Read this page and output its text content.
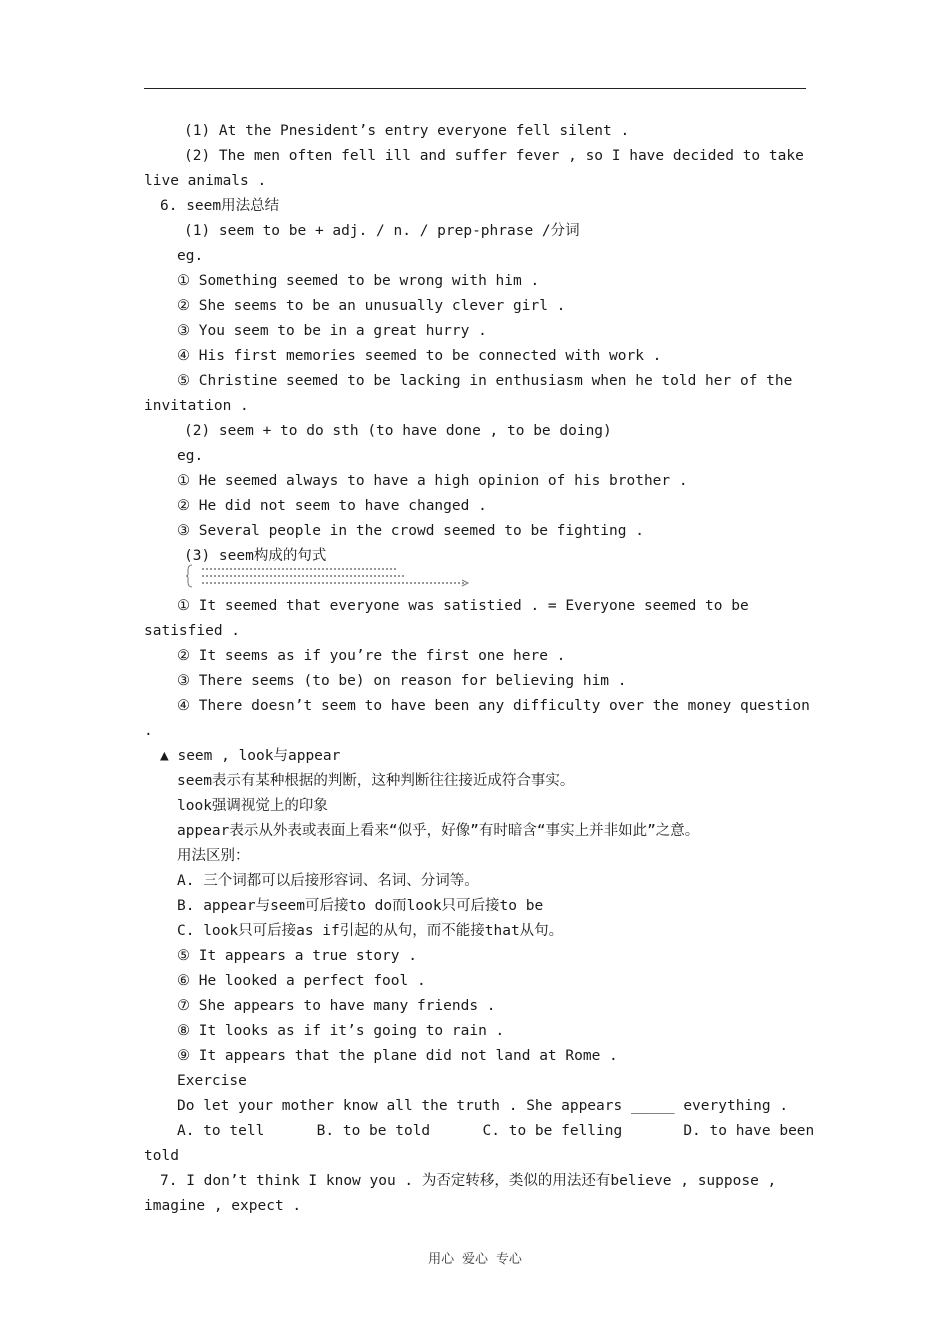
(1) At the Pnesident’s entry everyone fell silent .
(2) The men often fell ill and suffer fever , so I have decided to take
live animals .
6. seem用法总结
(1) seem to be + adj. / n. / prep-phrase /分词
eg.
① Something seemed to be wrong with him .
② She seems to be an unusually clever girl .
③ You seem to be in a great hurry .
④ His first memories seemed to be connected with work .
⑤ Christine seemed to be lacking in enthusiasm when he told her of the
invitation .
(2) seem + to do sth (to have done , to be doing)
eg.
① He seemed always to have a high opinion of his brother .
② He did not seem to have changed .
③ Several people in the crowd seemed to be fighting .
(3) seem构成的句式
① It seemed that everyone was satistied . = Everyone seemed to be
satisfied .
② It seems as if you’re the first one here .
③ There seems (to be) on reason for believing him .
④ There doesn’t seem to have been any difficulty over the money question
.
▲ seem , look与appear
seem表示有某种根据的判断，这种判断往往接近成符合事实。
look强调视觉上的印象
appear表示从外表或表面上看来“似乎，好像”有时暗含“事实上并非如此”之意。
用法区别：
A. 三个词都可以后接形容词、名词、分词等。
B. appear与seem可后接to do而look只可后接to be
C. look只可后接as if引起的从句，而不能接that从句。
⑤ It appears a true story .
⑥ He looked a perfect fool .
⑦ She appears to have many friends .
⑧ It looks as if it’s going to rain .
⑨ It appears that the plane did not land at Rome .
Exercise
Do let your mother know all the truth . She appears _____ everything .
A. to tell      B. to be told      C. to be felling       D. to have been
told
7. I don’t think I know you . 为否定转移，类似的用法还有believe , suppose ,
imagine , expect .
用心 爱心 专心
